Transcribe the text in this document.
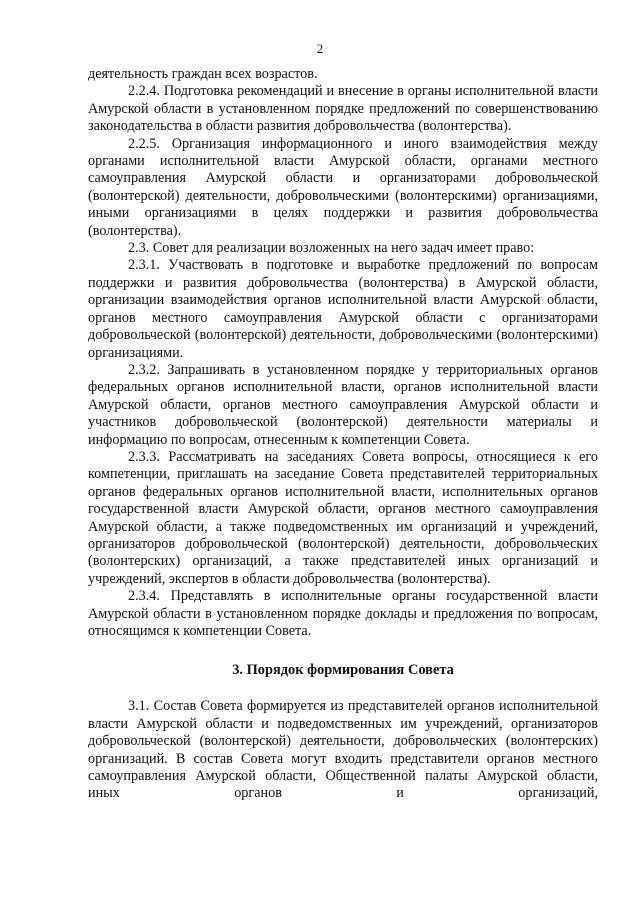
2

деятельность граждан всех возрастов.

2.2.4. Подготовка рекомендаций и внесение в органы исполнительной власти Амурской области в установленном порядке предложений по совершенствованию законодательства в области развития добровольчества (волонтерства).

2.2.5. Организация информационного и иного взаимодействия между органами исполнительной власти Амурской области, органами местного самоуправления Амурской области и организаторами добровольческой (волонтерской) деятельности, добровольческими (волонтерскими) организациями, иными организациями в целях поддержки и развития добровольчества (волонтерства).

2.3. Совет для реализации возложенных на него задач имеет право:

2.3.1. Участвовать в подготовке и выработке предложений по вопросам поддержки и развития добровольчества (волонтерства) в Амурской области, организации взаимодействия органов исполнительной власти Амурской области, органов местного самоуправления Амурской области с организаторами добровольческой (волонтерской) деятельности, добровольческими (волонтерскими) организациями.

2.3.2. Запрашивать в установленном порядке у территориальных органов федеральных органов исполнительной власти, органов исполнительной власти Амурской области, органов местного самоуправления Амурской области и участников добровольческой (волонтерской) деятельности материалы и информацию по вопросам, отнесенным к компетенции Совета.

2.3.3. Рассматривать на заседаниях Совета вопросы, относящиеся к его компетенции, приглашать на заседание Совета представителей территориальных органов федеральных органов исполнительной власти, исполнительных органов государственной власти Амурской области, органов местного самоуправления Амурской области, а также подведомственных им организаций и учреждений, организаторов добровольческой (волонтерской) деятельности, добровольческих (волонтерских) организаций, а также представителей иных организаций и учреждений, экспертов в области добровольчества (волонтерства).

2.3.4. Представлять в исполнительные органы государственной власти Амурской области в установленном порядке доклады и предложения по вопросам, относящимся к компетенции Совета.

3. Порядок формирования Совета

3.1. Состав Совета формируется из представителей органов исполнительной власти Амурской области и подведомственных им учреждений, организаторов добровольческой (волонтерской) деятельности, добровольческих (волонтерских) организаций. В состав Совета могут входить представители органов местного самоуправления Амурской области, Общественной палаты Амурской области, иных органов и организаций,
